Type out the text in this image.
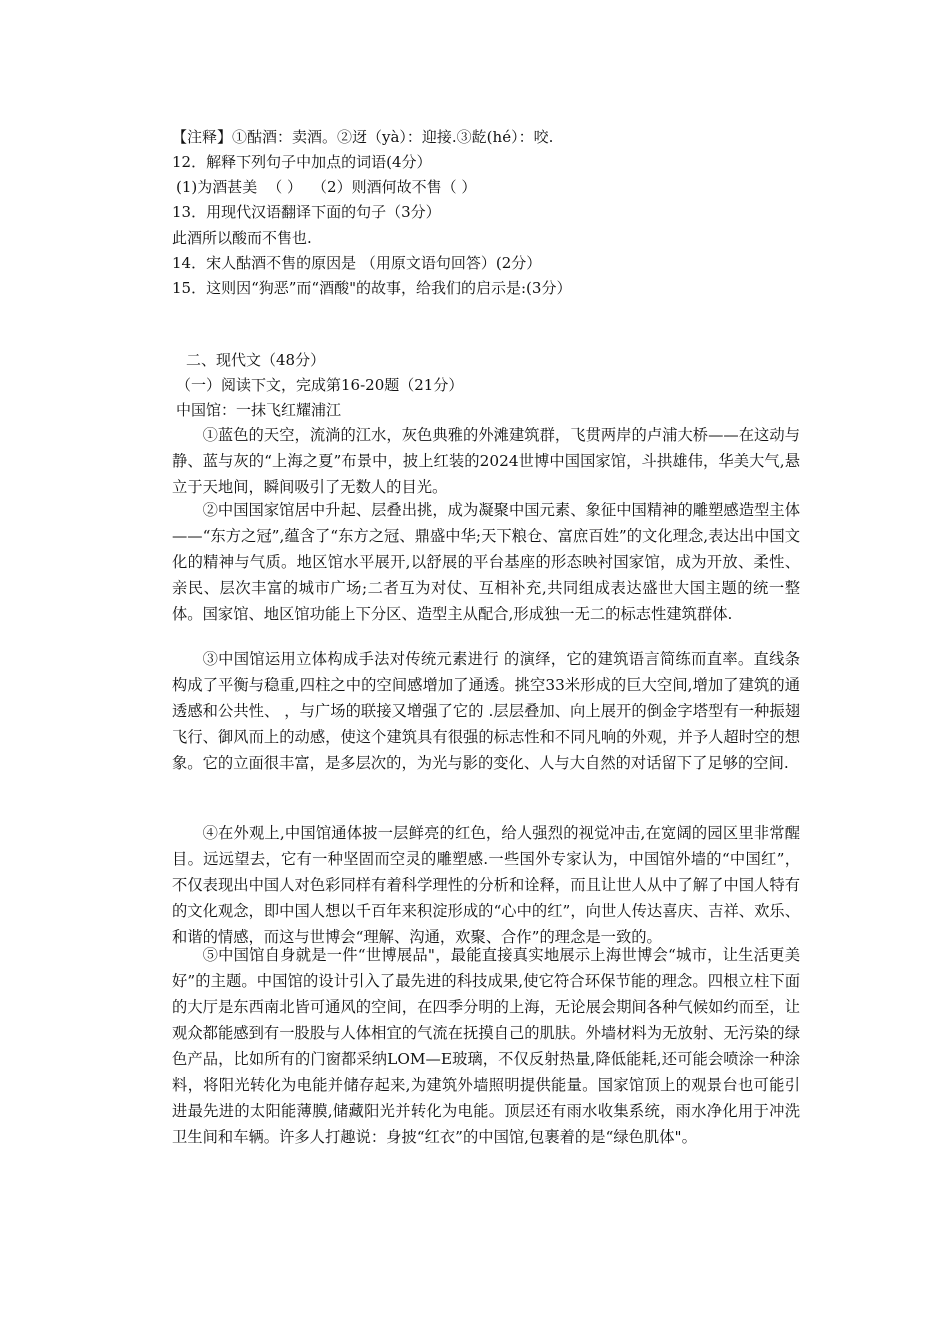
【注释】①酤酒：卖酒。②迓（yà）：迎接.③龁(hé）：咬.
12．解释下列句子中加点的词语(4分）
(1)为酒甚美 （ ） （2）则酒何故不售（ ）
13．用现代汉语翻译下面的句子（3分）
此酒所以酸而不售也.
14．宋人酤酒不售的原因是 （用原文语句回答）(2分）
15．这则因“狗恶”而“酒酸"的故事，给我们的启示是:(3分）
二、现代文（48分）
（一）阅读下文，完成第16-20题（21分）
中国馆：一抹飞红耀浦江

①蓝色的天空，流淌的江水，灰色典雅的外滩建筑群，飞贯两岸的卢浦大桥——在这动与静、蓝与灰的“上海之夏”布景中，披上红装的2024世博中国国家馆，斗拱雄伟，华美大气,悬立于天地间，瞬间吸引了无数人的目光。

②中国国家馆居中升起、层叠出挑，成为凝聚中国元素、象征中国精神的雕塑感造型主体——“东方之冠”,蕴含了“东方之冠、鼎盛中华;天下粮仓、富庶百姓”的文化理念,表达出中国文化的精神与气质。地区馆水平展开,以舒展的平台基座的形态映衬国家馆，成为开放、柔性、亲民、层次丰富的城市广场;二者互为对仗、互相补充,共同组成表达盛世大国主题的统一整体。国家馆、地区馆功能上下分区、造型主从配合,形成独一无二的标志性建筑群体.

③中国馆运用立体构成手法对传统元素进行 的演绎，它的建筑语言简练而直率。直线条构成了平衡与稳重,四柱之中的空间感增加了通透。挑空33米形成的巨大空间,增加了建筑的通透感和公共性、 ，与广场的联接又增强了它的 .层层叠加、向上展开的倒金字塔型有一种振翅飞行、御风而上的动感，使这个建筑具有很强的标志性和不同凡响的外观，并予人超时空的想象。它的立面很丰富，是多层次的，为光与影的变化、人与大自然的对话留下了足够的空间.

④在外观上,中国馆通体披一层鲜亮的红色，给人强烈的视觉冲击,在宽阔的园区里非常醒目。远远望去，它有一种坚固而空灵的雕塑感.一些国外专家认为，中国馆外墙的“中国红”，不仅表现出中国人对色彩同样有着科学理性的分析和诠释，而且让世人从中了解了中国人特有的文化观念，即中国人想以千百年来积淀形成的“心中的红”，向世人传达喜庆、吉祥、欢乐、和谐的情感，而这与世博会“理解、沟通，欢聚、合作”的理念是一致的。

⑤中国馆自身就是一件“世博展品"，最能直接真实地展示上海世博会“城市，让生活更美好”的主题。中国馆的设计引入了最先进的科技成果,使它符合环保节能的理念。四根立柱下面的大厅是东西南北皆可通风的空间，在四季分明的上海，无论展会期间各种气候如约而至，让观众都能感到有一股股与人体相宜的气流在抚摸自己的肌肤。外墙材料为无放射、无污染的绿色产品，比如所有的门窗都采纳LOM—E玻璃，不仅反射热量,降低能耗,还可能会喷涂一种涂料，将阳光转化为电能并储存起来,为建筑外墙照明提供能量。国家馆顶上的观景台也可能引进最先进的太阳能薄膜,储藏阳光并转化为电能。顶层还有雨水收集系统，雨水净化用于冲洗卫生间和车辆。许多人打趣说：身披“红衣”的中国馆,包裹着的是“绿色肌体"。
